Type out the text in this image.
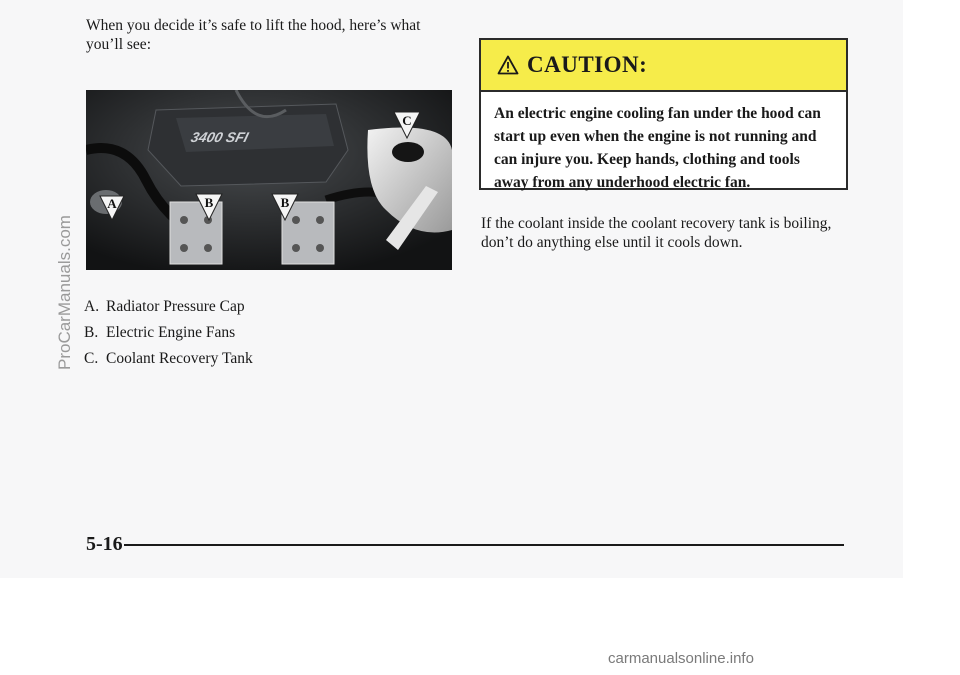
When you decide it’s safe to lift the hood, here’s what you’ll see:
3400 SFI
A	B	B
C
A. Radiator Pressure Cap
B. Electric Engine Fans
C. Coolant Recovery Tank
CAUTION:
An electric engine cooling fan under the hood can start up even when the engine is not running and can injure you. Keep hands, clothing and tools away from any underhood electric fan.
If the coolant inside the coolant recovery tank is boiling, don’t do anything else until it cools down.
5-16
ProCarManuals.com
carmanualsonline.info
